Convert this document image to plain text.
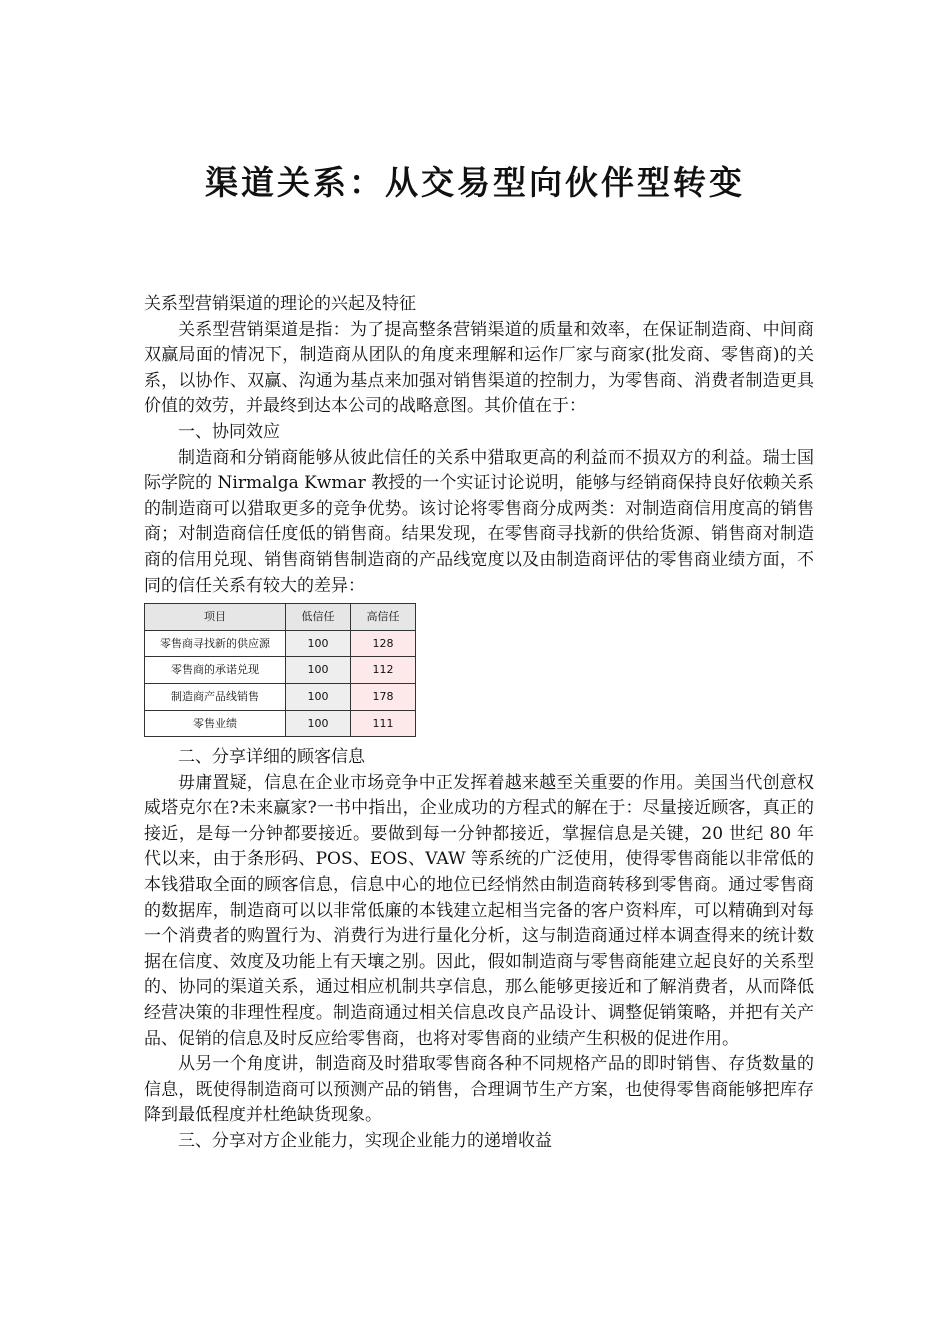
渠道关系：从交易型向伙伴型转变

关系型营销渠道的理论的兴起及特征

关系型营销渠道是指：为了提高整条营销渠道的质量和效率，在保证制造商、中间商双赢局面的情况下，制造商从团队的角度来理解和运作厂家与商家(批发商、零售商)的关系，以协作、双赢、沟通为基点来加强对销售渠道的控制力，为零售商、消费者制造更具价值的效劳，并最终到达本公司的战略意图。其价值在于：

一、协同效应

制造商和分销商能够从彼此信任的关系中猎取更高的利益而不损双方的利益。瑞士国际学院的 Nirmalga Kwmar 教授的一个实证讨论说明，能够与经销商保持良好依赖关系的制造商可以猎取更多的竞争优势。该讨论将零售商分成两类：对制造商信用度高的销售商；对制造商信任度低的销售商。结果发现，在零售商寻找新的供给货源、销售商对制造商的信用兑现、销售商销售制造商的产品线宽度以及由制造商评估的零售商业绩方面，不同的信任关系有较大的差异：

项目	低信任	高信任
零售商寻找新的供应源	100	128
零售商的承诺兑现	100	112
制造商产品线销售	100	178
零售业绩	100	111

二、分享详细的顾客信息

毋庸置疑，信息在企业市场竞争中正发挥着越来越至关重要的作用。美国当代创意权威塔克尔在?未来赢家?一书中指出，企业成功的方程式的解在于：尽量接近顾客，真正的接近，是每一分钟都要接近。要做到每一分钟都接近，掌握信息是关键，20 世纪 80 年代以来，由于条形码、POS、EOS、VAW 等系统的广泛使用，使得零售商能以非常低的本钱猎取全面的顾客信息，信息中心的地位已经悄然由制造商转移到零售商。通过零售商的数据库，制造商可以以非常低廉的本钱建立起相当完备的客户资料库，可以精确到对每一个消费者的购置行为、消费行为进行量化分析，这与制造商通过样本调查得来的统计数据在信度、效度及功能上有天壤之别。因此，假如制造商与零售商能建立起良好的关系型的、协同的渠道关系，通过相应机制共享信息，那么能够更接近和了解消费者，从而降低经营决策的非理性程度。制造商通过相关信息改良产品设计、调整促销策略，并把有关产品、促销的信息及时反应给零售商，也将对零售商的业绩产生积极的促进作用。

从另一个角度讲，制造商及时猎取零售商各种不同规格产品的即时销售、存货数量的信息，既使得制造商可以预测产品的销售，合理调节生产方案，也使得零售商能够把库存降到最低程度并杜绝缺货现象。

三、分享对方企业能力，实现企业能力的递增收益
